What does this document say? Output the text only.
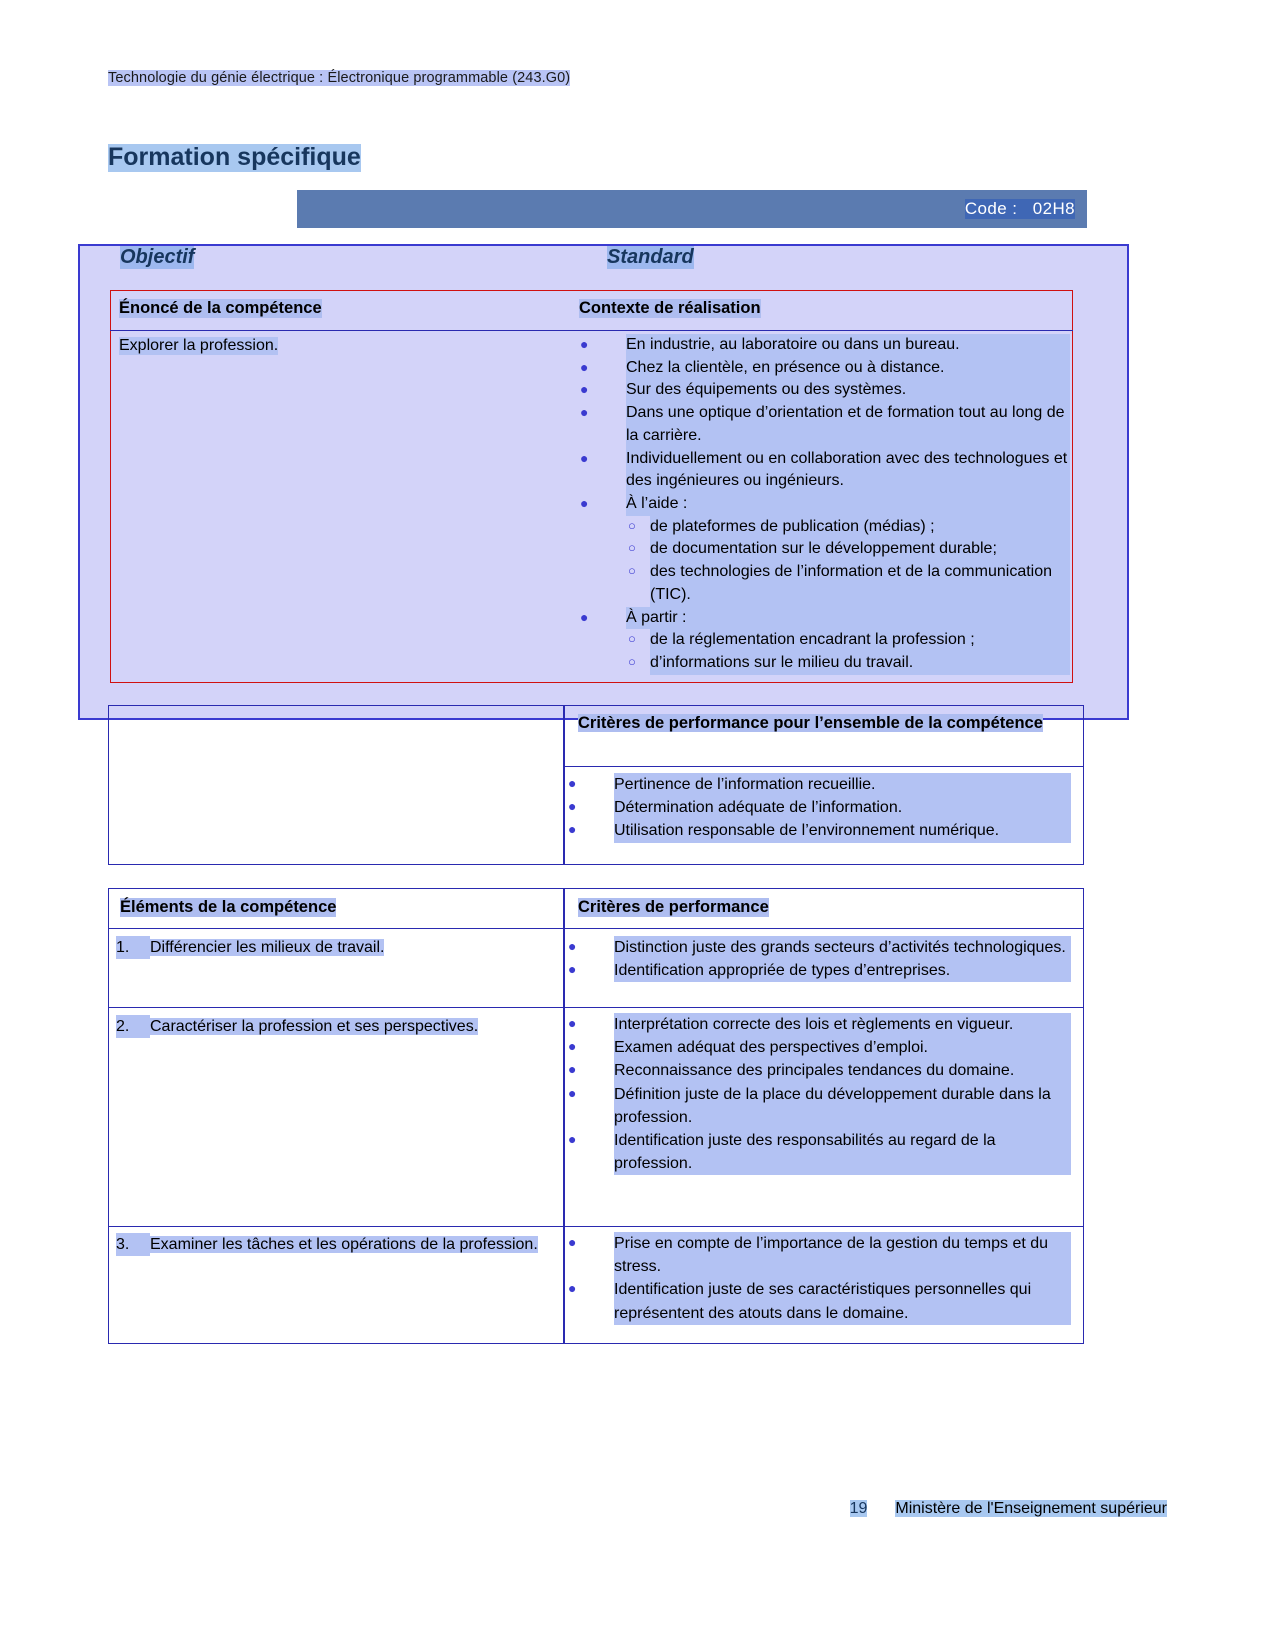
Technologie du génie électrique : Électronique programmable (243.G0)
Formation spécifique
Code : 02H8
Objectif	Standard
Énoncé de la compétence	Contexte de réalisation
Explorer la profession.	●	En industrie, au laboratoire ou dans un bureau.
●	Chez la clientèle, en présence ou à distance.
●	Sur des équipements ou des systèmes.
●	Dans une optique d’orientation et de formation tout au long de la carrière.
●	Individuellement ou en collaboration avec des technologues et des ingénieures ou ingénieurs.
●	À l’aide :
○ de plateformes de publication (médias) ;
○ de documentation sur le développement durable;
○ des technologies de l’information et de la communication (TIC).
●	À partir :
○ de la réglementation encadrant la profession ;
○ d’informations sur le milieu du travail.
Critères de performance pour l’ensemble de la compétence
●	Pertinence de l’information recueillie.
●	Détermination adéquate de l’information.
●	Utilisation responsable de l’environnement numérique.
Éléments de la compétence	Critères de performance
1. Différencier les milieux de travail.	●	Distinction juste des grands secteurs d’activités technologiques.
●	Identification appropriée de types d’entreprises.
2. Caractériser la profession et ses perspectives.	●	Interprétation correcte des lois et règlements en vigueur.
●	Examen adéquat des perspectives d’emploi.
●	Reconnaissance des principales tendances du domaine.
●	Définition juste de la place du développement durable dans la profession.
●	Identification juste des responsabilités au regard de la profession.
3. Examiner les tâches et les opérations de la profession.	●	Prise en compte de l’importance de la gestion du temps et du stress.
●	Identification juste de ses caractéristiques personnelles qui représentent des atouts dans le domaine.
19 Ministère de l'Enseignement supérieur
